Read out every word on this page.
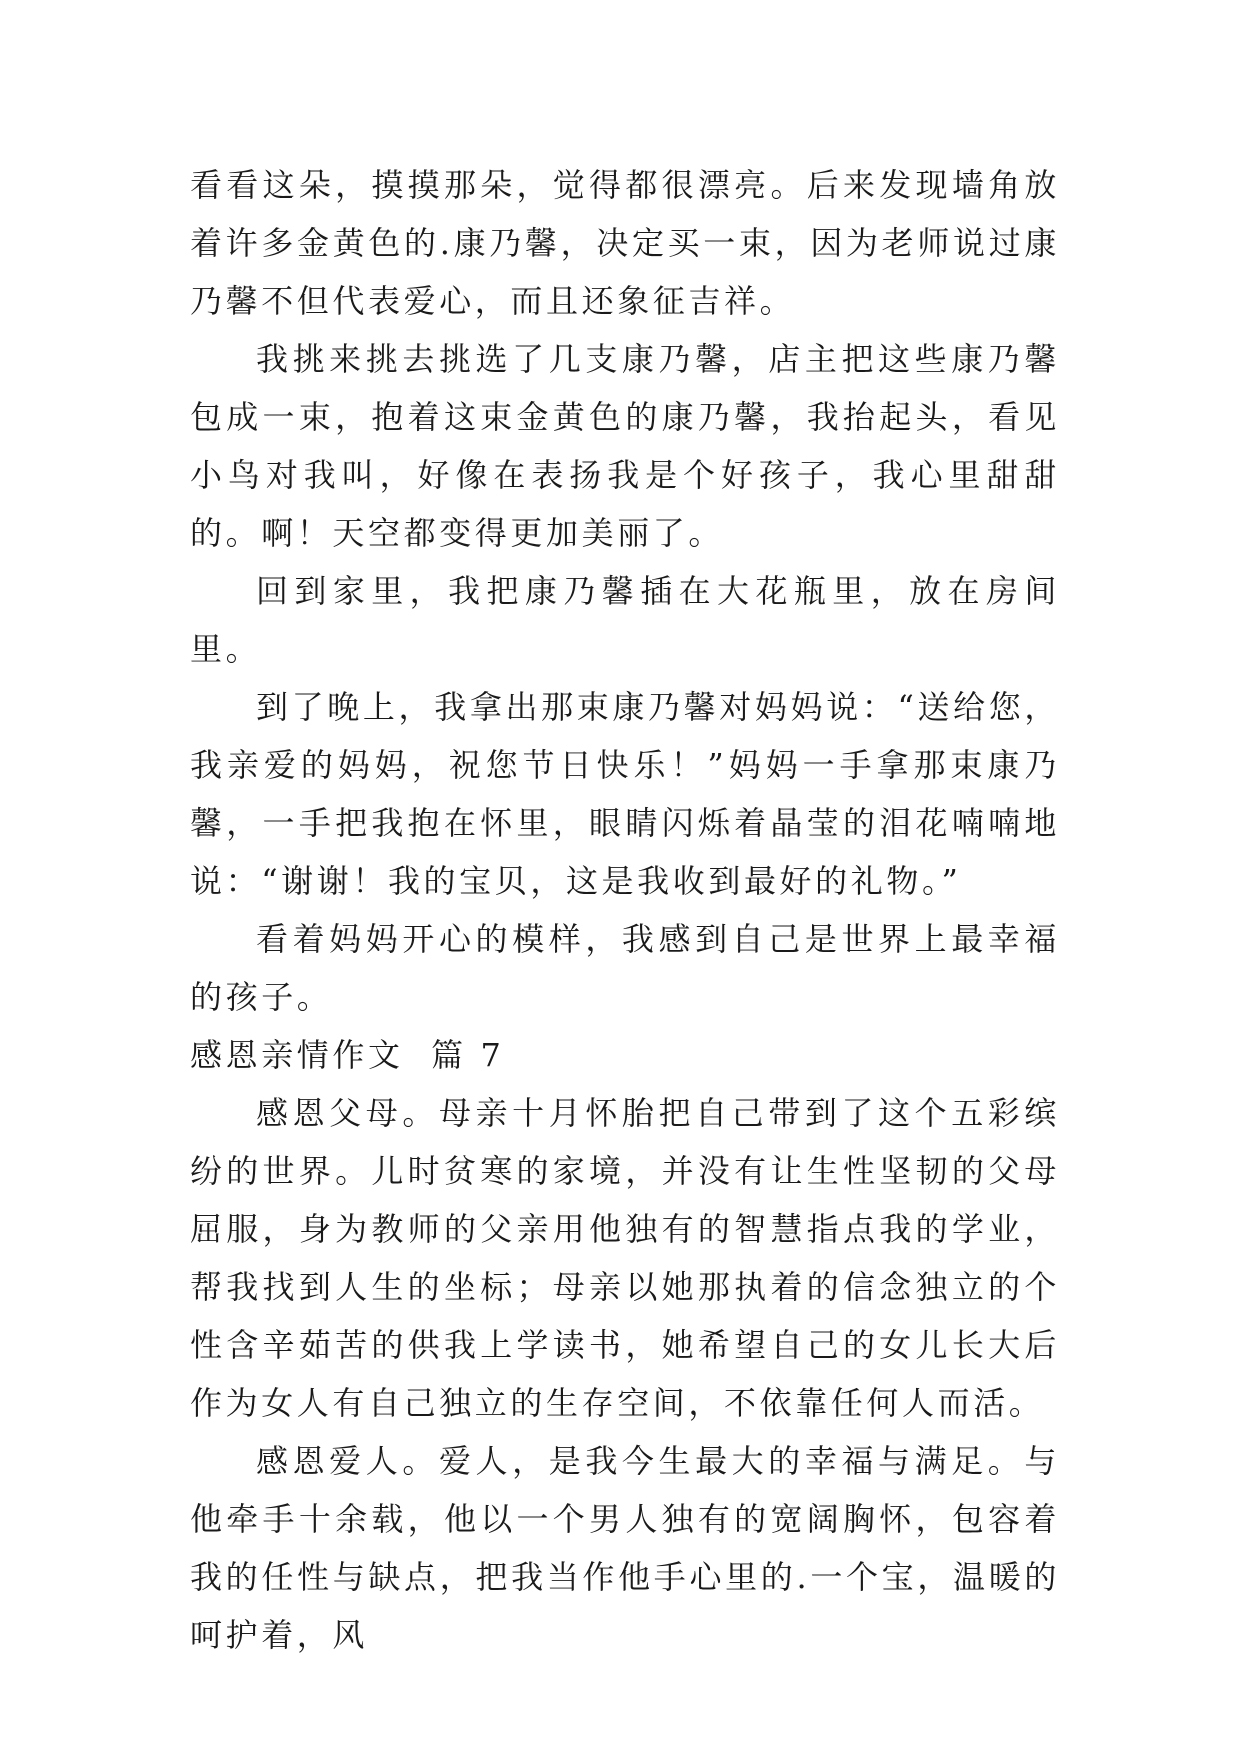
看看这朵，摸摸那朵，觉得都很漂亮。后来发现墙角放着许多金黄色的.康乃馨，决定买一束，因为老师说过康乃馨不但代表爱心，而且还象征吉祥。

我挑来挑去挑选了几支康乃馨，店主把这些康乃馨包成一束，抱着这束金黄色的康乃馨，我抬起头，看见小鸟对我叫，好像在表扬我是个好孩子，我心里甜甜的。啊！天空都变得更加美丽了。

回到家里，我把康乃馨插在大花瓶里，放在房间里。

到了晚上，我拿出那束康乃馨对妈妈说：“送给您，我亲爱的妈妈，祝您节日快乐！”妈妈一手拿那束康乃馨，一手把我抱在怀里，眼睛闪烁着晶莹的泪花喃喃地说：“谢谢！我的宝贝，这是我收到最好的礼物。”

看着妈妈开心的模样，我感到自己是世界上最幸福的孩子。

感恩亲情作文  篇 7

感恩父母。母亲十月怀胎把自己带到了这个五彩缤纷的世界。儿时贫寒的家境，并没有让生性坚韧的父母屈服，身为教师的父亲用他独有的智慧指点我的学业，帮我找到人生的坐标；母亲以她那执着的信念独立的个性含辛茹苦的供我上学读书，她希望自己的女儿长大后作为女人有自己独立的生存空间，不依靠任何人而活。

感恩爱人。爱人，是我今生最大的幸福与满足。与他牵手十余载，他以一个男人独有的宽阔胸怀，包容着我的任性与缺点，把我当作他手心里的.一个宝，温暖的呵护着，风
